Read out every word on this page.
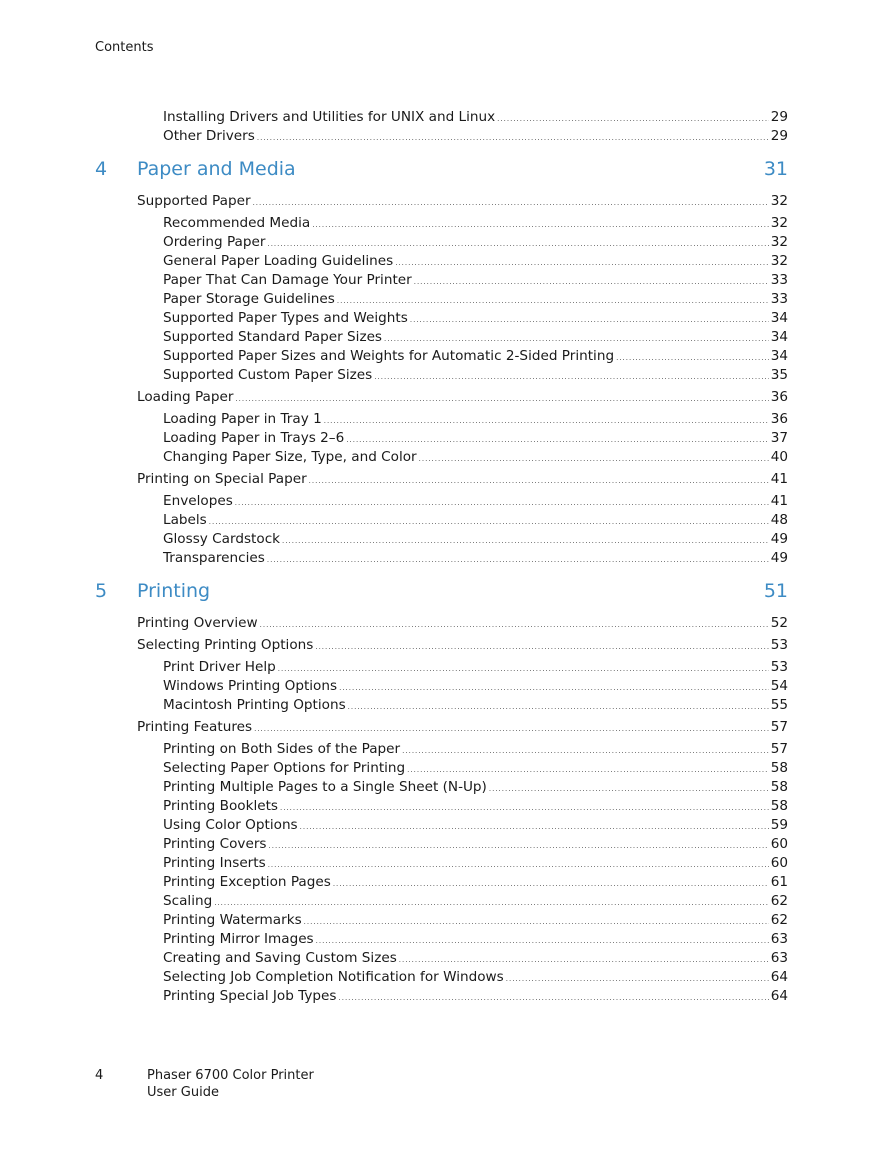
Contents
Installing Drivers and Utilities for UNIX and Linux .....	29
Other Drivers .....	29
4	Paper and Media	31
Supported Paper .....	32
Recommended Media .....	32
Ordering Paper .....	32
General Paper Loading Guidelines .....	32
Paper That Can Damage Your Printer .....	33
Paper Storage Guidelines .....	33
Supported Paper Types and Weights .....	34
Supported Standard Paper Sizes .....	34
Supported Paper Sizes and Weights for Automatic 2-Sided Printing .....	34
Supported Custom Paper Sizes .....	35
Loading Paper .....	36
Loading Paper in Tray 1 .....	36
Loading Paper in Trays 2–6 .....	37
Changing Paper Size, Type, and Color .....	40
Printing on Special Paper .....	41
Envelopes .....	41
Labels .....	48
Glossy Cardstock .....	49
Transparencies .....	49
5	Printing	51
Printing Overview .....	52
Selecting Printing Options .....	53
Print Driver Help .....	53
Windows Printing Options .....	54
Macintosh Printing Options .....	55
Printing Features .....	57
Printing on Both Sides of the Paper .....	57
Selecting Paper Options for Printing .....	58
Printing Multiple Pages to a Single Sheet (N-Up) .....	58
Printing Booklets .....	58
Using Color Options .....	59
Printing Covers .....	60
Printing Inserts .....	60
Printing Exception Pages .....	61
Scaling .....	62
Printing Watermarks .....	62
Printing Mirror Images .....	63
Creating and Saving Custom Sizes .....	63
Selecting Job Completion Notification for Windows .....	64
Printing Special Job Types .....	64
4	Phaser 6700 Color Printer
User Guide
